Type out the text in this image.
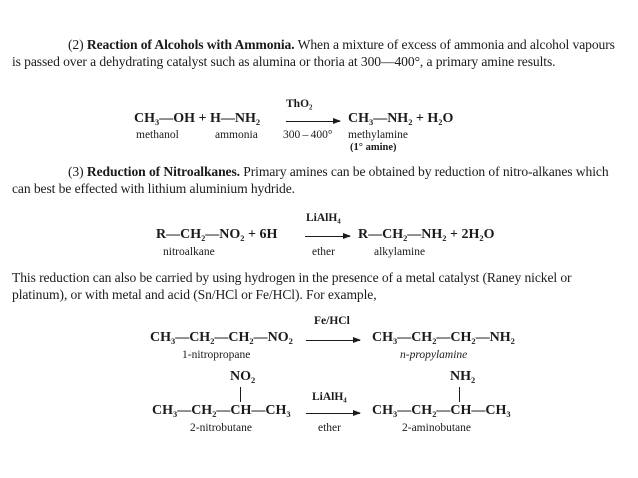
(2) Reaction of Alcohols with Ammonia. When a mixture of excess of ammonia and alcohol vapours is passed over a dehydrating catalyst such as alumina or thoria at 300—400°, a primary amine results.

ThO₂
CH₃—OH + H—NH₂	CH₃—NH₂ + H₂O
methanol	ammonia 300 – 400° methylamine
(1° amine)

(3) Reduction of Nitroalkanes. Primary amines can be obtained by reduction of nitro-alkanes which can best be effected with lithium aluminium hydride.

LiAlH₄
R—CH₂—NO₂ + 6H	R—CH₂—NH₂ + 2H₂O
nitroalkane	ether	alkylamine

This reduction can also be carried by using hydrogen in the presence of a metal catalyst (Raney nickel or platinum), or with metal and acid (Sn/HCl or Fe/HCl). For example,

Fe/HCl
CH₃—CH₂—CH₂—NO₂	CH₃—CH₂—CH₂—NH₂
1-nitropropane	n-propylamine
NO₂	NH₂
LiAlH₄
CH₃—CH₂—CH—CH₃	CH₃—CH₂—CH—CH₃
2-nitrobutane	ether	2-aminobutane
